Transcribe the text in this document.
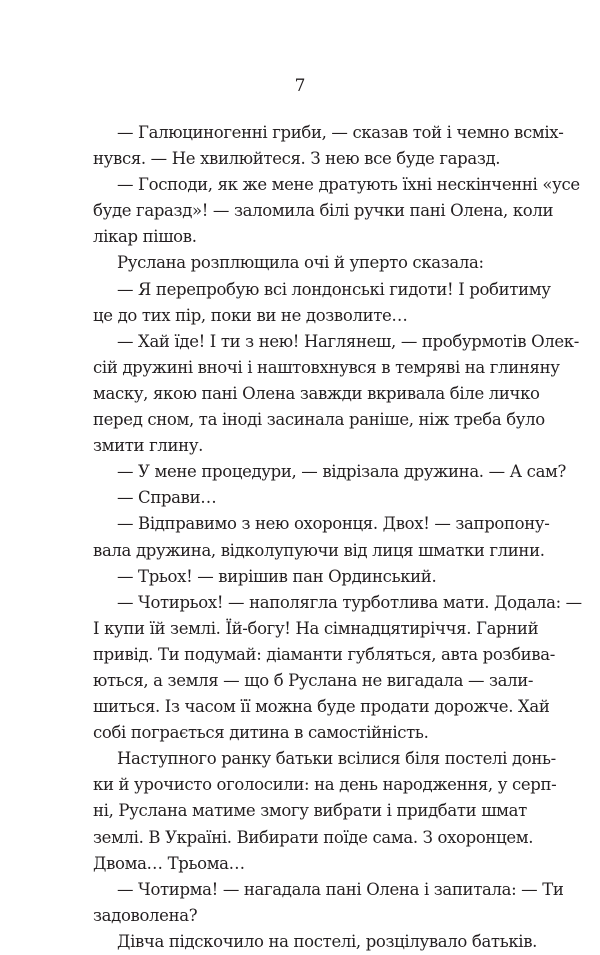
7
— Галюциногенні гриби, — сказав той і чемно всміх-
нувся. — Не хвилюйтеся. З нею все буде гаразд.
— Господи, як же мене дратують їхні нескінченні «усе
буде гаразд»! — заломила білі ручки пані Олена, коли
лікар пішов.
Руслана розплющила очі й уперто сказала:
— Я перепробую всі лондонські гидоти! І робитиму
це до тих пір, поки ви не дозволите…
— Хай їде! І ти з нею! Наглянеш, — пробурмотів Олек-
сій дружині вночі і наштовхнувся в темряві на глиняну
маску, якою пані Олена завжди вкривала біле личко
перед сном, та іноді засинала раніше, ніж треба було
змити глину.
— У мене процедури, — відрізала дружина. — А сам?
— Справи…
— Відправимо з нею охоронця. Двох! — запропону-
вала дружина, відколупуючи від лиця шматки глини.
— Трьох! — вирішив пан Ординський.
— Чотирьох! — наполягла турботлива мати. Додала: —
І купи їй землі. Їй-богу! На сімнадцятиріччя. Гарний
привід. Ти подумай: діаманти губляться, авта розбива-
ються, а земля — що б Руслана не вигадала — зали-
шиться. Із часом її можна буде продати дорожче. Хай
собі пограється дитина в самостійність.
Наступного ранку батьки всілися біля постелі донь-
ки й урочисто оголосили: на день народження, у серп-
ні, Руслана матиме змогу вибрати і придбати шмат
землі. В Україні. Вибирати поїде сама. З охоронцем.
Двома… Трьома…
— Чотирма! — нагадала пані Олена і запитала: — Ти
задоволена?
Дівча підскочило на постелі, розцілувало батьків.
